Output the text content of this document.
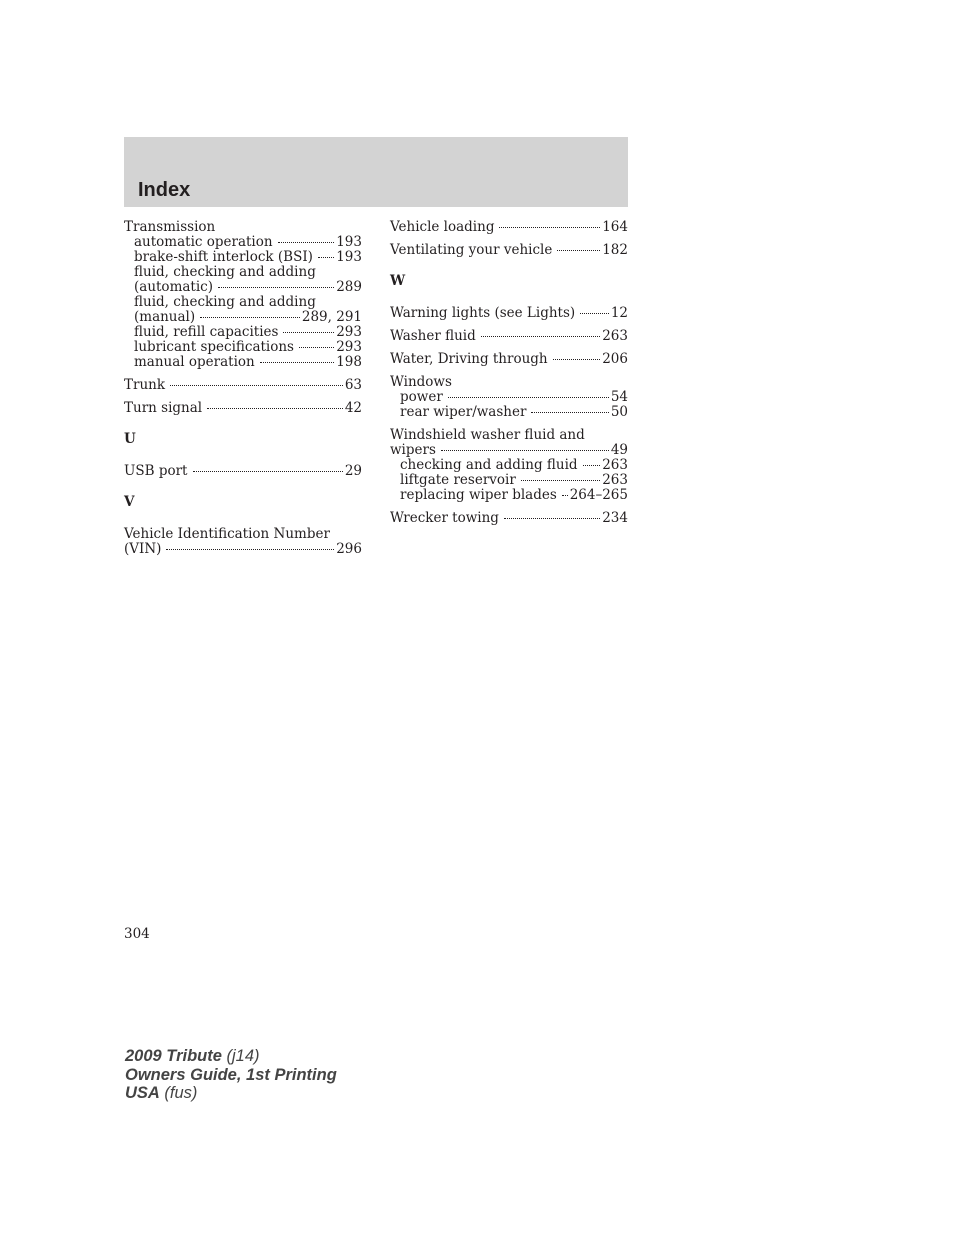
Index
Transmission
automatic operation	193
brake-shift interlock (BSI) 193
fluid, checking and adding
(automatic)	289
fluid, checking and adding
(manual)	289, 291
fluid, refill capacities	293
lubricant specifications	293
manual operation	198
Trunk	63
Turn signal	42
U
USB port	29
V
Vehicle Identification Number
(VIN)	296
Vehicle loading	164
Ventilating your vehicle	182
W
Warning lights (see Lights)	12
Washer fluid	263
Water, Driving through	206
Windows
power	54
rear wiper/washer	50
Windshield washer fluid and
wipers	49
checking and adding fluid 263
liftgate reservoir	263
replacing wiper blades 264–265
Wrecker towing	234
304
2009 Tribute (j14)
Owners Guide, 1st Printing
USA (fus)
